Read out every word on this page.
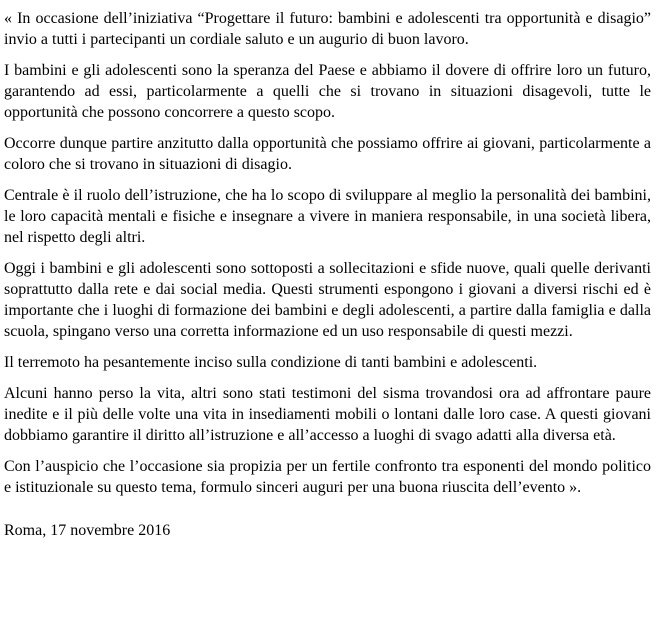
« In occasione dell’iniziativa “Progettare il futuro: bambini e adolescenti tra opportunità e disagio” invio a tutti i partecipanti un cordiale saluto e un augurio di buon lavoro.

I bambini e gli adolescenti sono la speranza del Paese e abbiamo il dovere di offrire loro un futuro, garantendo ad essi, particolarmente a quelli che si trovano in situazioni disagevoli, tutte le opportunità che possono concorrere a questo scopo.

Occorre dunque partire anzitutto dalla opportunità che possiamo offrire ai giovani, particolarmente a coloro che si trovano in situazioni di disagio.

Centrale è il ruolo dell’istruzione, che ha lo scopo di sviluppare al meglio la personalità dei bambini, le loro capacità mentali e fisiche e insegnare a vivere in maniera responsabile, in una società libera, nel rispetto degli altri.

Oggi i bambini e gli adolescenti sono sottoposti a sollecitazioni e sfide nuove, quali quelle derivanti soprattutto dalla rete e dai social media. Questi strumenti espongono i giovani a diversi rischi ed è importante che i luoghi di formazione dei bambini e degli adolescenti, a partire dalla famiglia e dalla scuola, spingano verso una corretta informazione ed un uso responsabile di questi mezzi.

Il terremoto ha pesantemente inciso sulla condizione di tanti bambini e adolescenti.

Alcuni hanno perso la vita, altri sono stati testimoni del sisma trovandosi ora ad affrontare paure inedite e il più delle volte una vita in insediamenti mobili o lontani dalle loro case. A questi giovani dobbiamo garantire il diritto all’istruzione e all’accesso a luoghi di svago adatti alla diversa età.

Con l’auspicio che l’occasione sia propizia per un fertile confronto tra esponenti del mondo politico e istituzionale su questo tema, formulo sinceri auguri per una buona riuscita dell’evento ».

Roma, 17 novembre 2016
